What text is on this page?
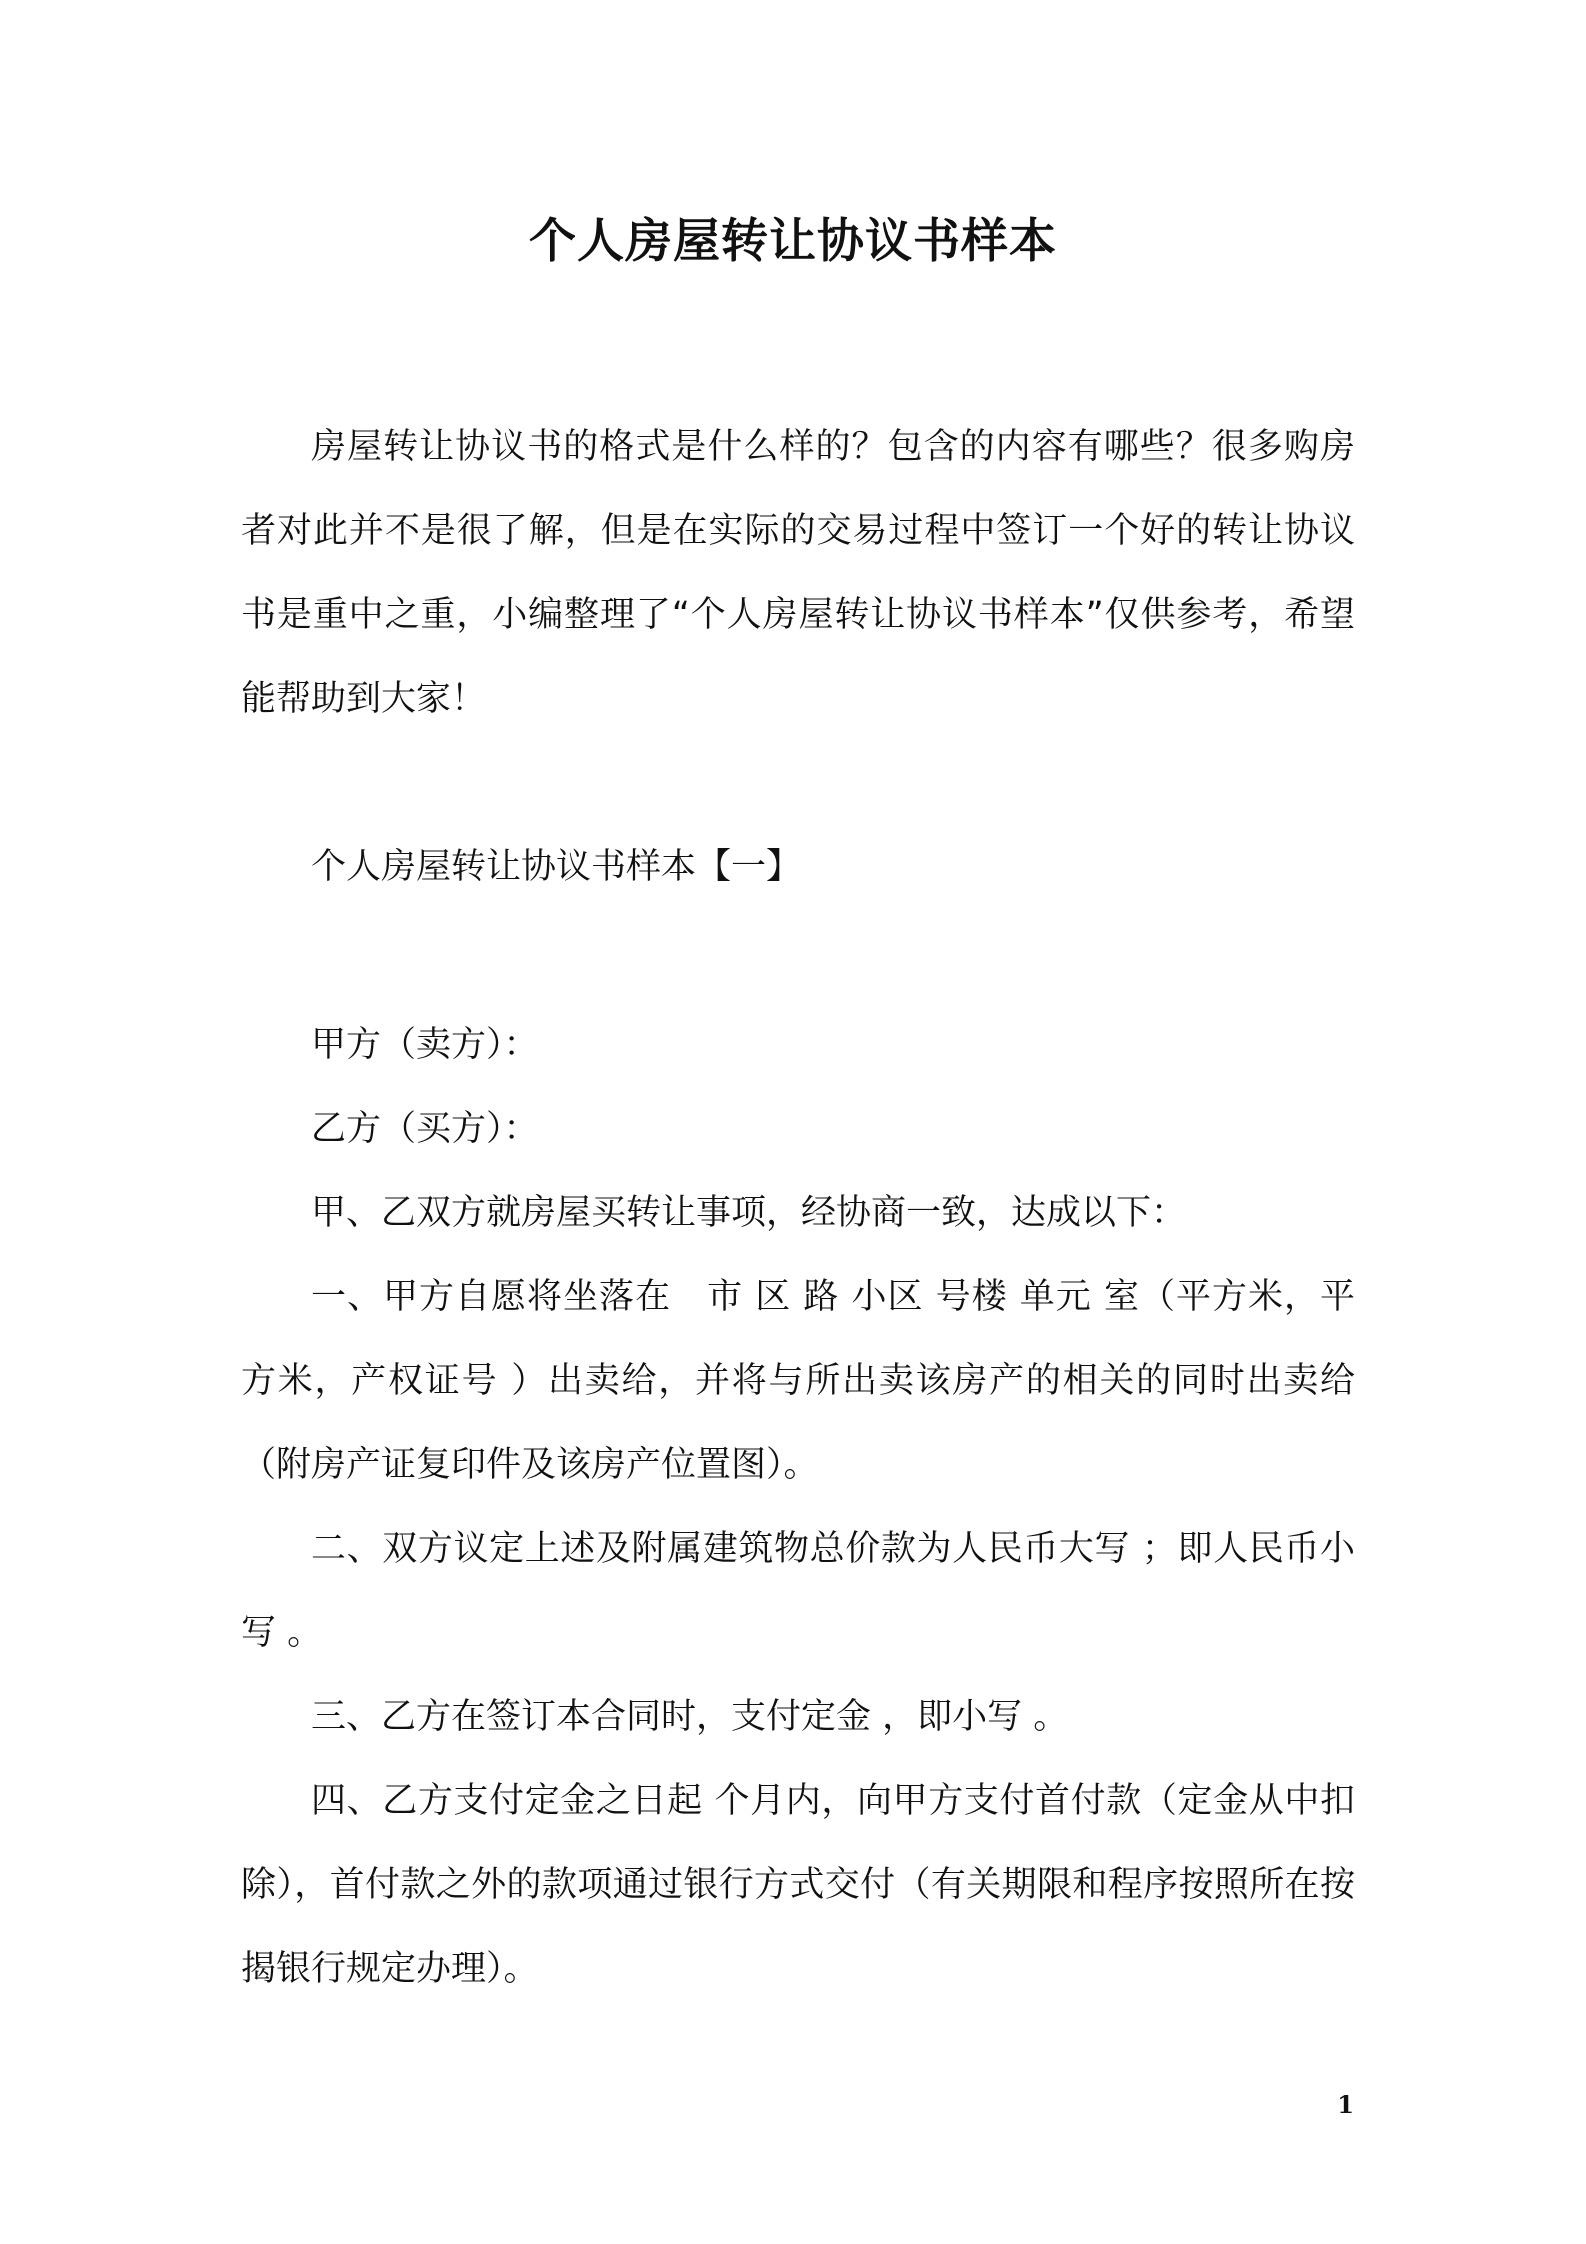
个人房屋转让协议书样本

房屋转让协议书的格式是什么样的？包含的内容有哪些？很多购房者对此并不是很了解，但是在实际的交易过程中签订一个好的转让协议书是重中之重，小编整理了“个人房屋转让协议书样本”仅供参考，希望能帮助到大家！

个人房屋转让协议书样本【一】

甲方（卖方）：

乙方（买方）：

甲、乙双方就房屋买转让事项，经协商一致，达成以下：

一、甲方自愿将坐落在　市 区 路 小区 号楼 单元 室（平方米，平方米，产权证号 ）出卖给，并将与所出卖该房产的相关的同时出卖给（附房产证复印件及该房产位置图）。

二、双方议定上述及附属建筑物总价款为人民币大写 ；即人民币小写 。

三、乙方在签订本合同时，支付定金 ，即小写 。

四、乙方支付定金之日起 个月内，向甲方支付首付款（定金从中扣除），首付款之外的款项通过银行方式交付（有关期限和程序按照所在按揭银行规定办理）。

1
